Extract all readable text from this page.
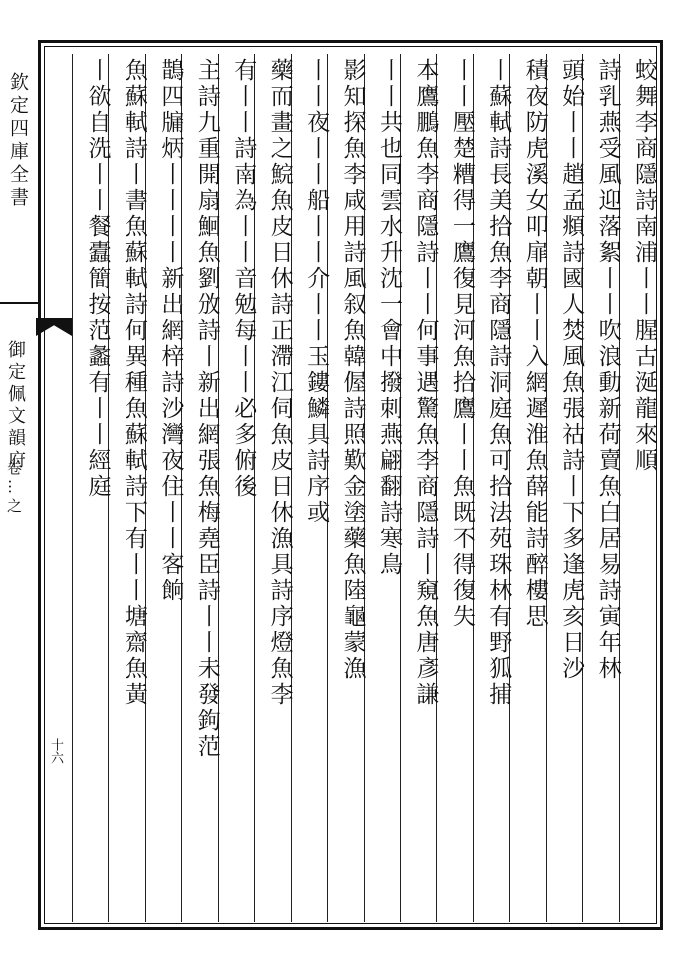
欽定四庫全書
御定佩文韻府
卷…之
十六
蛟舞李商隱詩南浦丨丨腥古涎龍來順
詩乳燕受風迎落絮丨丨吹浪動新荷賣魚白居易詩寅年林
頭始丨丨趙孟頫詩國人焚風魚張祜詩丨下多逢虎亥日沙
積夜防虎溪女叩扉朝丨丨入網遲淮魚薛能詩醉樓思
丨蘇軾詩長美拾魚李商隱詩洞庭魚可拾法苑珠林有野狐捕
丨丨壓楚糟得一鷹復見河魚拾鷹丨丨魚既不得復失
本鷹鵬魚李商隱詩丨丨何事遇驚魚李商隱詩丨窺魚唐彥謙
丨丨共也同雲水升沈一會中撥刺燕翩翻詩寒鳥
影知探魚李咸用詩風叙魚韓偓詩照歎金塗藥魚陸龜蒙漁
丨丨夜丨丨船丨丨介丨丨玉鏤鱗具詩序或
藥而畫之鯇魚皮日休詩正滯江伺魚皮日休漁具詩序燈魚李
有丨丨詩南為丨丨音勉每丨丨必多俯後
主詩九重開扇鮰魚劉攽詩丨新出網張魚梅堯臣詩丨丨未發鉤范
鵲四牖炳丨丨丨丨新出網梓詩沙灣夜住丨丨客餉
魚蘇軾詩丨書魚蘇軾詩何異種魚蘇軾詩下有丨丨塘齋魚黃
丨欲自洗丨丨餐蠹簡按范蠡有丨丨經庭
